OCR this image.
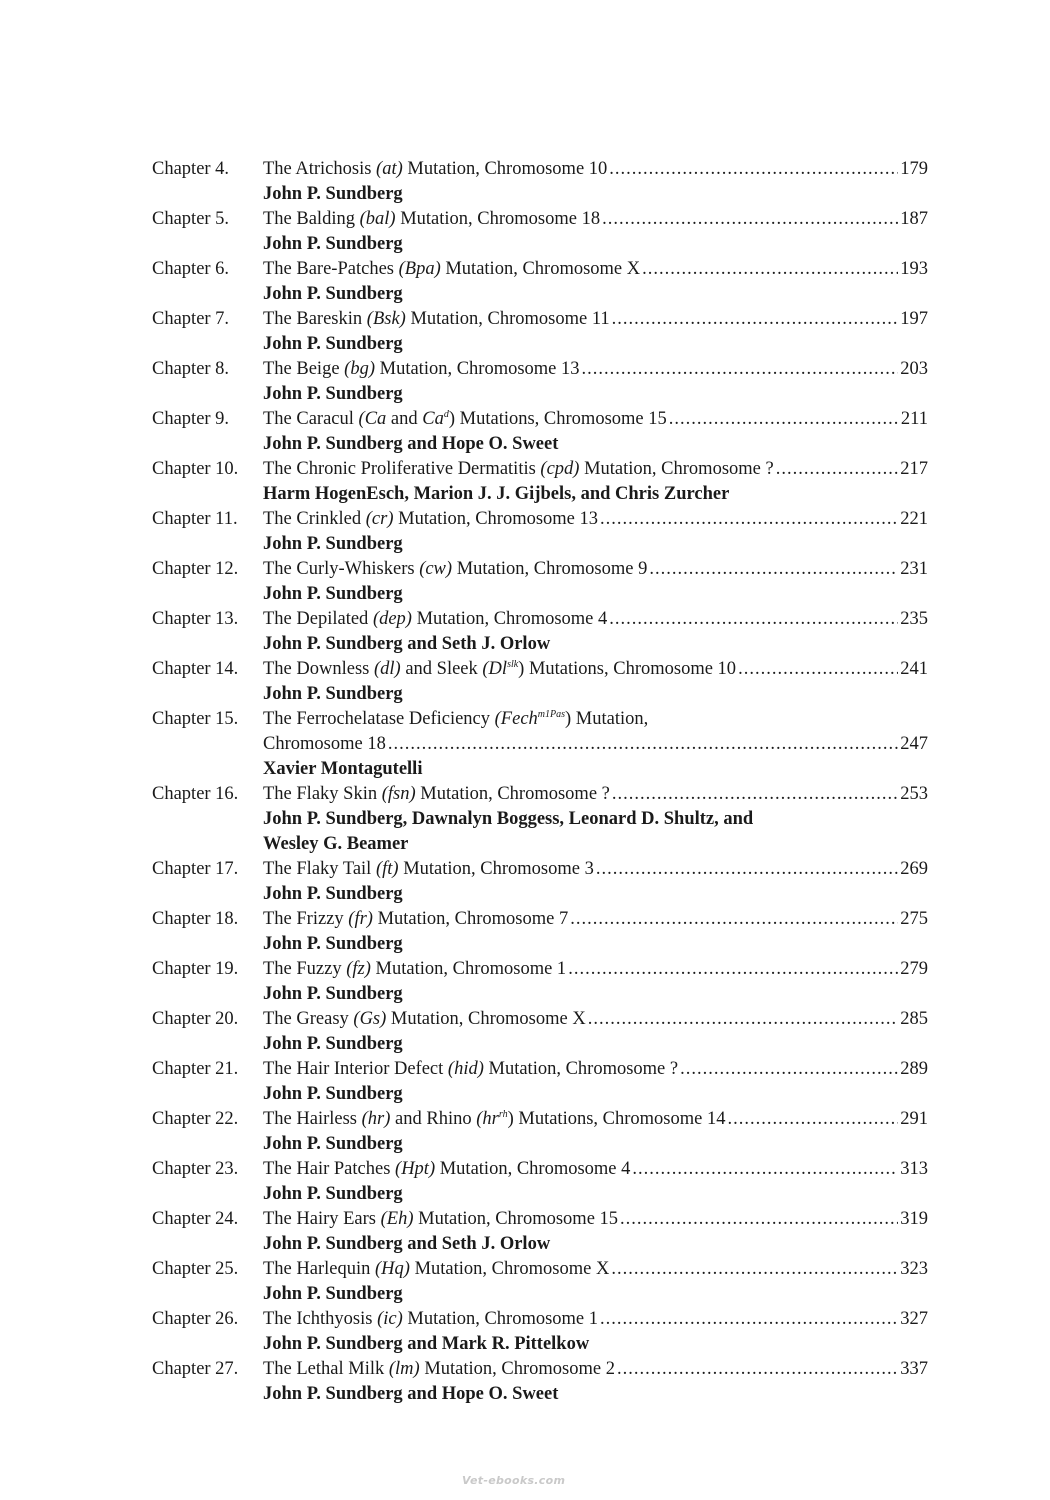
Chapter 4.	The Atrichosis (at) Mutation, Chromosome 10 .....	179
John P. Sundberg
Chapter 5.	The Balding (bal) Mutation, Chromosome 18 .....	187
John P. Sundberg
Chapter 6.	The Bare-Patches (Bpa) Mutation, Chromosome X .....	193
John P. Sundberg
Chapter 7.	The Bareskin (Bsk) Mutation, Chromosome 11 .....	197
John P. Sundberg
Chapter 8.	The Beige (bg) Mutation, Chromosome 13 .....	203
John P. Sundberg
Chapter 9.	The Caracul (Ca and Ca$^d$) Mutations, Chromosome 15 .....	211
John P. Sundberg and Hope O. Sweet
Chapter 10.	The Chronic Proliferative Dermatitis (cpd) Mutation, Chromosome ? .....	217
Harm HogenEsch, Marion J. J. Gijbels, and Chris Zurcher
Chapter 11.	The Crinkled (cr) Mutation, Chromosome 13 .....	221
John P. Sundberg
Chapter 12.	The Curly-Whiskers (cw) Mutation, Chromosome 9 .....	231
John P. Sundberg
Chapter 13.	The Depilated (dep) Mutation, Chromosome 4 .....	235
John P. Sundberg and Seth J. Orlow
Chapter 14.	The Downless (dl) and Sleek $(Dl^{slk})$ Mutations, Chromosome 10 .....	241
John P. Sundberg
Chapter 15.	The Ferrochelatase Deficiency (Fech$^{m1Pas}$) Mutation,
Chromosome 18 .....	247
Xavier Montagutelli
Chapter 16.	The Flaky Skin (fsn) Mutation, Chromosome ? .....	253
John P. Sundberg, Dawnalyn Boggess, Leonard D. Shultz, and
Wesley G. Beamer
Chapter 17.	The Flaky Tail (ft) Mutation, Chromosome 3 .....	269
John P. Sundberg
Chapter 18.	The Frizzy (fr) Mutation, Chromosome 7 .....	275
John P. Sundberg
Chapter 19.	The Fuzzy (fz) Mutation, Chromosome 1 .....	279
John P. Sundberg
Chapter 20.	The Greasy (Gs) Mutation, Chromosome X .....	285
John P. Sundberg
Chapter 21.	The Hair Interior Defect (hid) Mutation, Chromosome ? .....	289
John P. Sundberg
Chapter 22.	The Hairless (hr) and Rhino $(hr^{rh})$ Mutations, Chromosome 14 .....	291
John P. Sundberg
Chapter 23.	The Hair Patches (Hpt) Mutation, Chromosome 4 .....	313
John P. Sundberg
Chapter 24.	The Hairy Ears (Eh) Mutation, Chromosome 15 .....	319
John P. Sundberg and Seth J. Orlow
Chapter 25.	The Harlequin (Hq) Mutation, Chromosome X .....	323
John P. Sundberg
Chapter 26.	The Ichthyosis (ic) Mutation, Chromosome 1 .....	327
John P. Sundberg and Mark R. Pittelkow
Chapter 27.	The Lethal Milk (lm) Mutation, Chromosome 2 .....	337
John P. Sundberg and Hope O. Sweet
Vet-ebooks.com
